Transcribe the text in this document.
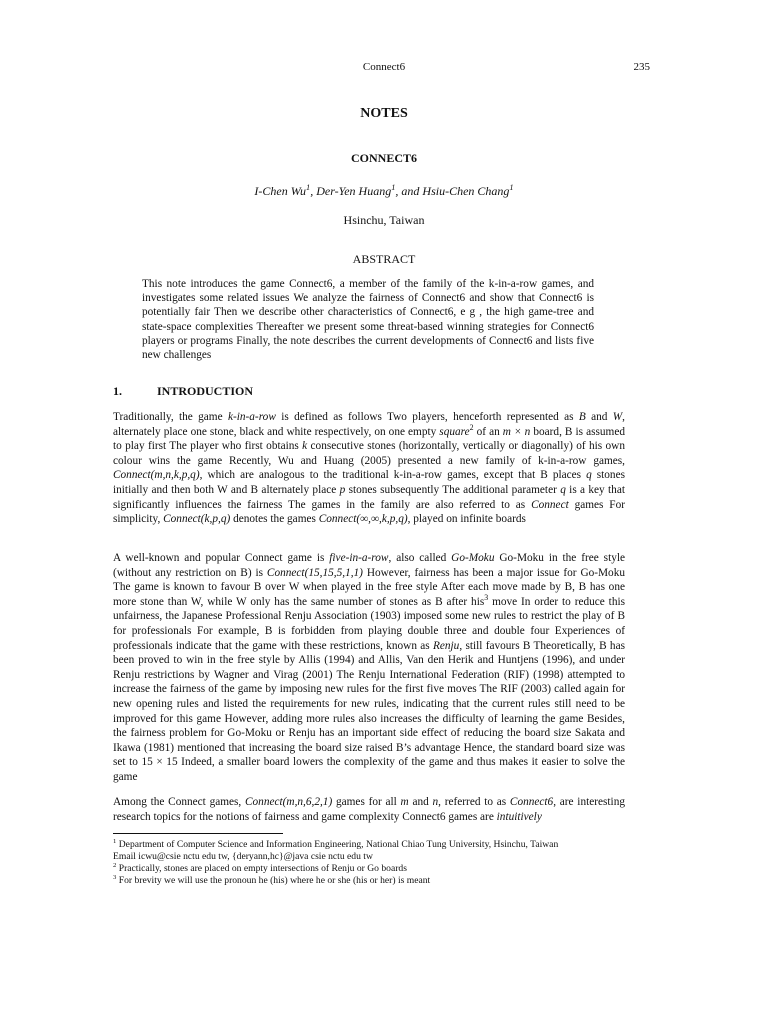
Connect6	235
NOTES
CONNECT6
I-Chen Wu$^1$, Der-Yen Huang$^1$, and Hsiu-Chen Chang$^1$
Hsinchu, Taiwan
ABSTRACT
This note introduces the game Connect6, a member of the family of the k-in-a-row games, and investigates some related issues We analyze the fairness of Connect6 and show that Connect6 is potentially fair Then we describe other characteristics of Connect6, e g , the high game-tree and state-space complexities Thereafter we present some threat-based winning strategies for Connect6 players or programs Finally, the note describes the current developments of Connect6 and lists five new challenges
1.	INTRODUCTION
Traditionally, the game k-in-a-row is defined as follows Two players, henceforth represented as B and W, alternately place one stone, black and white respectively, on one empty square$^2$ of an m × n board, B is assumed to play first The player who first obtains k consecutive stones (horizontally, vertically or diagonally) of his own colour wins the game Recently, Wu and Huang (2005) presented a new family of k-in-a-row games, Connect(m,n,k,p,q), which are analogous to the traditional k-in-a-row games, except that B places q stones initially and then both W and B alternately place p stones subsequently The additional parameter q is a key that significantly influences the fairness The games in the family are also referred to as Connect games For simplicity, Connect(k,p,q) denotes the games Connect(∞,∞,k,p,q), played on infinite boards
A well-known and popular Connect game is five-in-a-row, also called Go-Moku Go-Moku in the free style (without any restriction on B) is Connect(15,15,5,1,1) However, fairness has been a major issue for Go-Moku The game is known to favour B over W when played in the free style After each move made by B, B has one more stone than W, while W only has the same number of stones as B after his$^3$ move In order to reduce this unfairness, the Japanese Professional Renju Association (1903) imposed some new rules to restrict the play of B for professionals For example, B is forbidden from playing double three and double four Experiences of professionals indicate that the game with these restrictions, known as Renju, still favours B Theoretically, B has been proved to win in the free style by Allis (1994) and Allis, Van den Herik and Huntjens (1996), and under Renju restrictions by Wagner and Virag (2001) The Renju International Federation (RIF) (1998) attempted to increase the fairness of the game by imposing new rules for the first five moves The RIF (2003) called again for new opening rules and listed the requirements for new rules, indicating that the current rules still need to be improved for this game However, adding more rules also increases the difficulty of learning the game Besides, the fairness problem for Go-Moku or Renju has an important side effect of reducing the board size Sakata and Ikawa (1981) mentioned that increasing the board size raised B’s advantage Hence, the standard board size was set to 15 × 15 Indeed, a smaller board lowers the complexity of the game and thus makes it easier to solve the game
Among the Connect games, Connect(m,n,6,2,1) games for all m and n, referred to as Connect6, are interesting research topics for the notions of fairness and game complexity Connect6 games are intuitively
$^1$ Department of Computer Science and Information Engineering, National Chiao Tung University, Hsinchu, Taiwan
Email icwu@csie nctu edu tw, {deryann,hc}@java csie nctu edu tw
$^2$ Practically, stones are placed on empty intersections of Renju or Go boards
$^3$ For brevity we will use the pronoun he (his) where he or she (his or her) is meant
